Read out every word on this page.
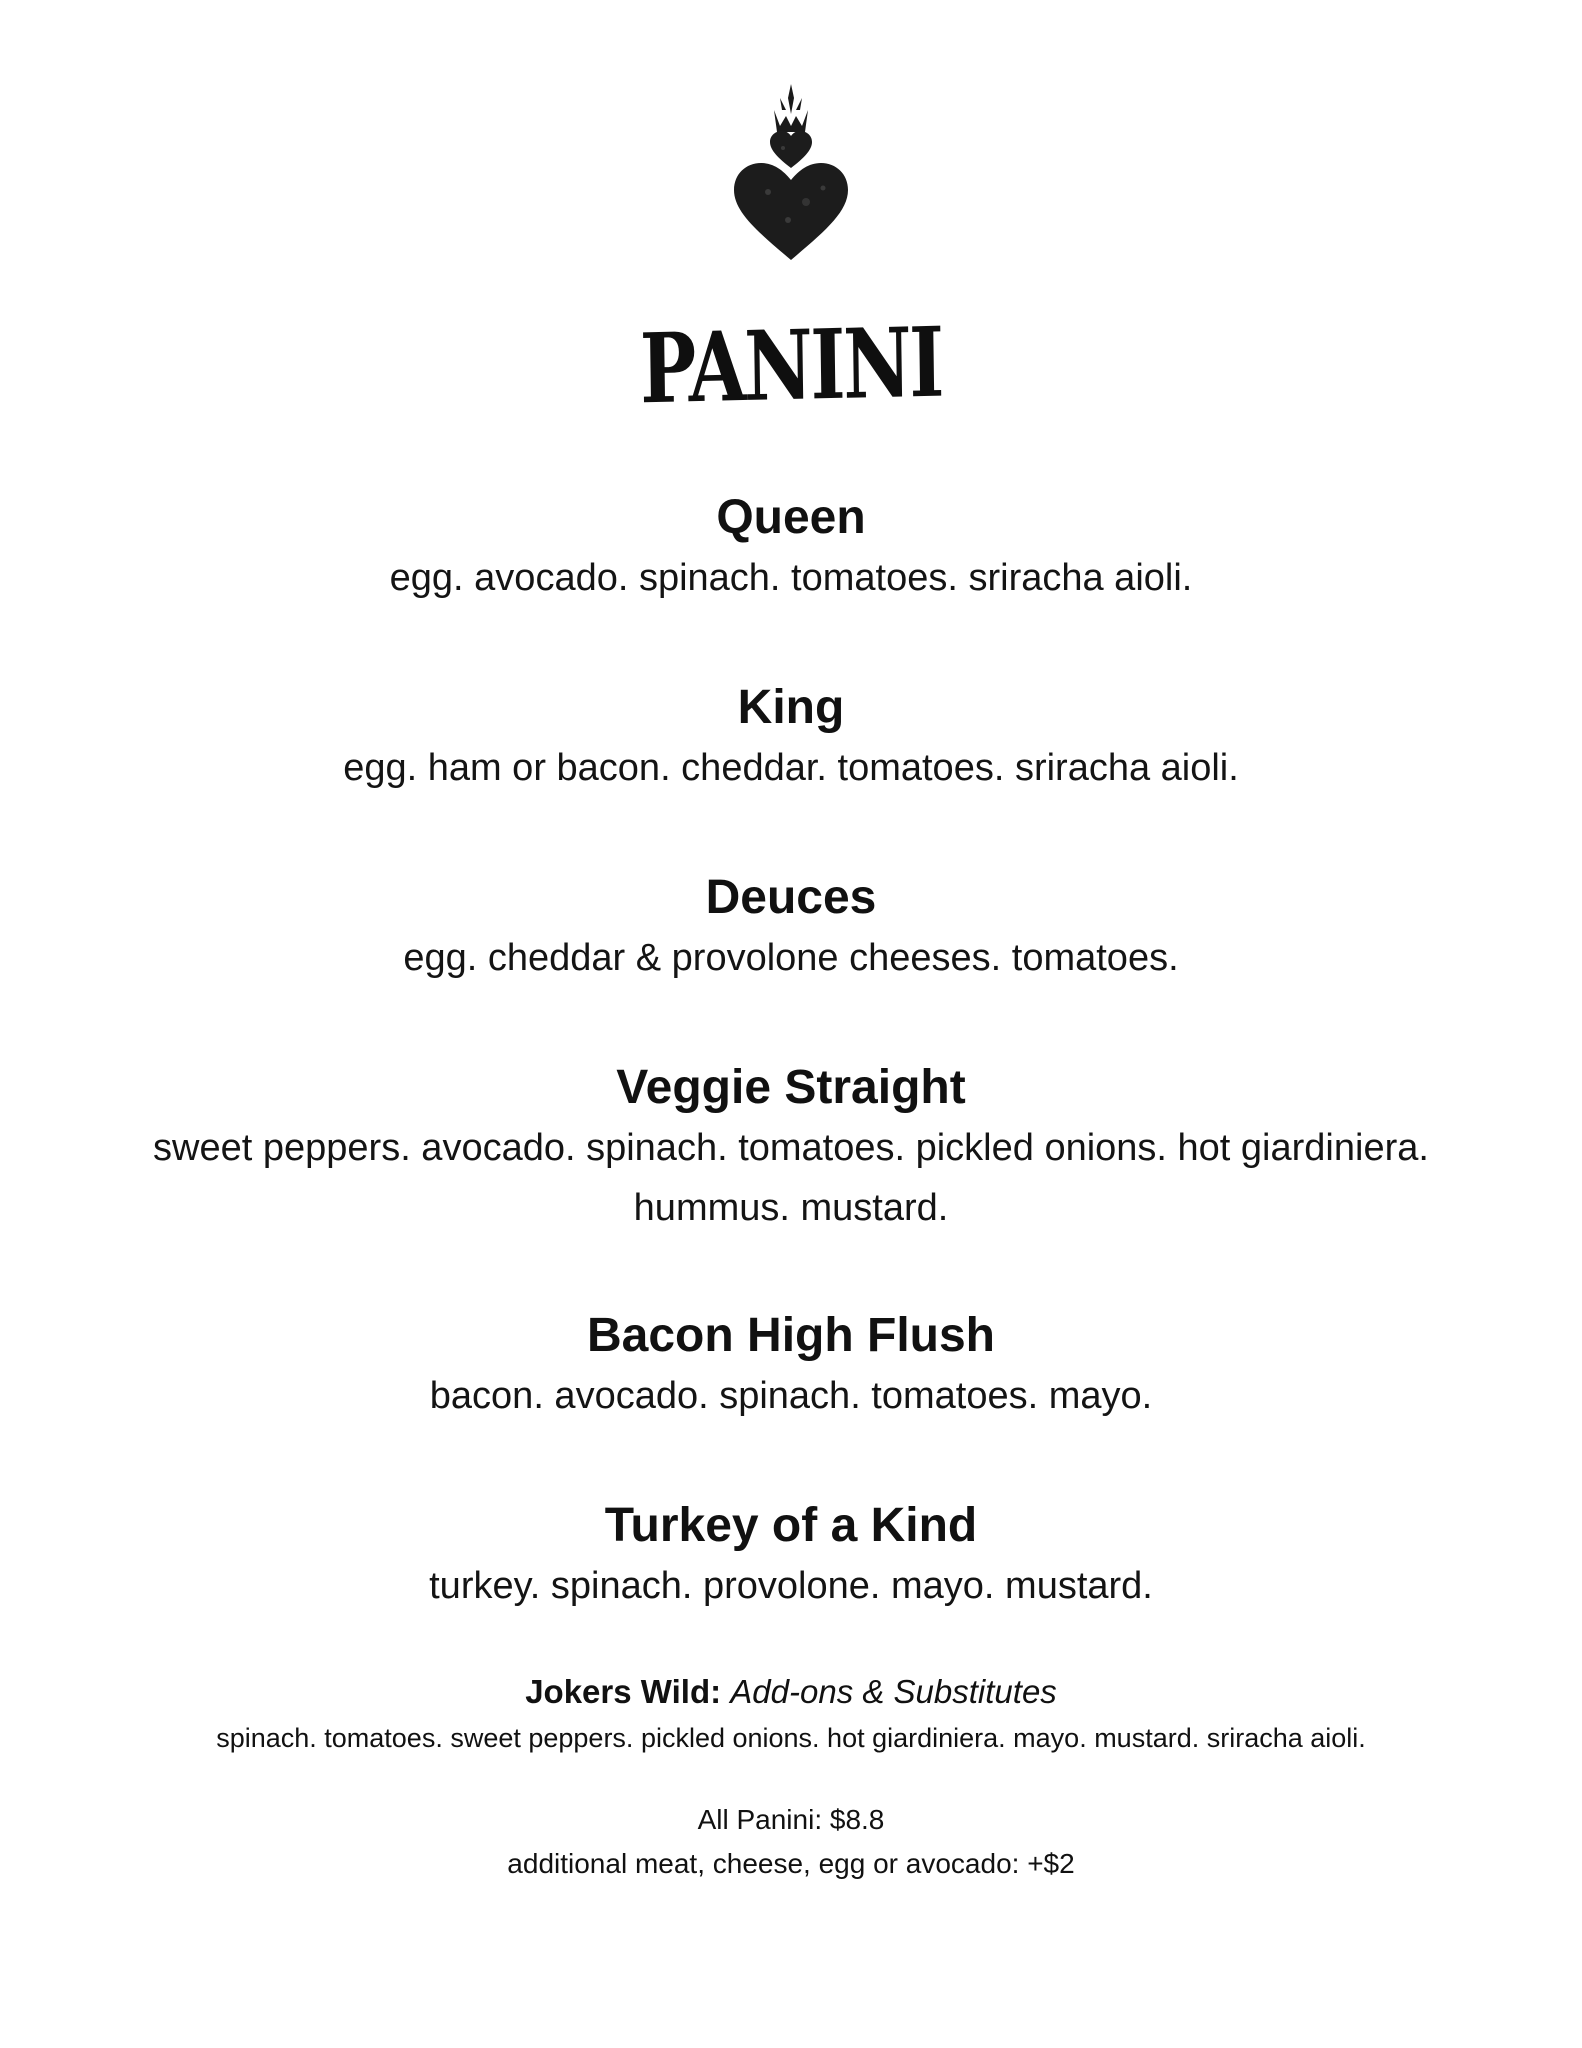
PANINI

Queen

egg. avocado. spinach. tomatoes. sriracha aioli.

King

egg. ham or bacon. cheddar. tomatoes. sriracha aioli.

Deuces

egg. cheddar & provolone cheeses. tomatoes.

Veggie Straight

sweet peppers. avocado. spinach. tomatoes. pickled onions. hot giardiniera.

hummus. mustard.

Bacon High Flush

bacon. avocado. spinach. tomatoes. mayo.

Turkey of a Kind

turkey. spinach. provolone. mayo. mustard.

Jokers Wild: Add-ons & Substitutes

spinach. tomatoes. sweet peppers. pickled onions. hot giardiniera. mayo. mustard. sriracha aioli.

All Panini: $8.8

additional meat, cheese, egg or avocado: +$2
